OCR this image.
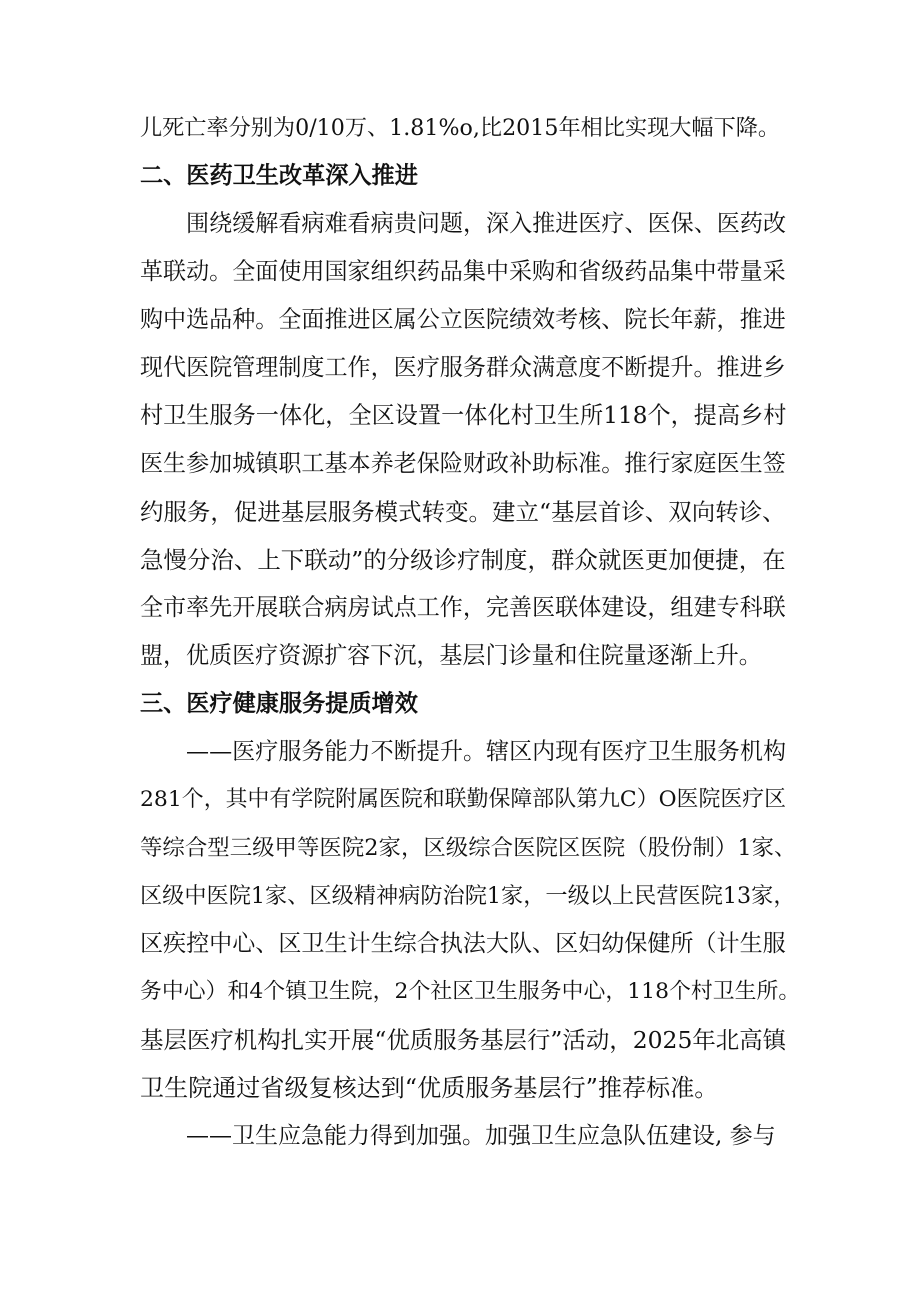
儿死亡率分别为0/10万、1.81%o,比2015年相比实现大幅下降。
二、医药卫生改革深入推进
围绕缓解看病难看病贵问题，深入推进医疗、医保、医药改
革联动。全面使用国家组织药品集中采购和省级药品集中带量采
购中选品种。全面推进区属公立医院绩效考核、院长年薪，推进
现代医院管理制度工作，医疗服务群众满意度不断提升。推进乡
村卫生服务一体化，全区设置一体化村卫生所118个，提高乡村
医生参加城镇职工基本养老保险财政补助标准。推行家庭医生签
约服务，促进基层服务模式转变。建立“基层首诊、双向转诊、
急慢分治、上下联动”的分级诊疗制度，群众就医更加便捷，在
全市率先开展联合病房试点工作，完善医联体建设，组建专科联
盟，优质医疗资源扩容下沉，基层门诊量和住院量逐渐上升。
三、医疗健康服务提质增效
——医疗服务能力不断提升。辖区内现有医疗卫生服务机构
281个，其中有学院附属医院和联勤保障部队第九C）O医院医疗区
等综合型三级甲等医院2家，区级综合医院区医院（股份制）1家、
区级中医院1家、区级精神病防治院1家，一级以上民营医院13家，
区疾控中心、区卫生计生综合执法大队、区妇幼保健所（计生服
务中心）和4个镇卫生院，2个社区卫生服务中心，118个村卫生所。
基层医疗机构扎实开展“优质服务基层行”活动，2025年北高镇
卫生院通过省级复核达到“优质服务基层行”推荐标准。
——卫生应急能力得到加强。加强卫生应急队伍建设, 参与
